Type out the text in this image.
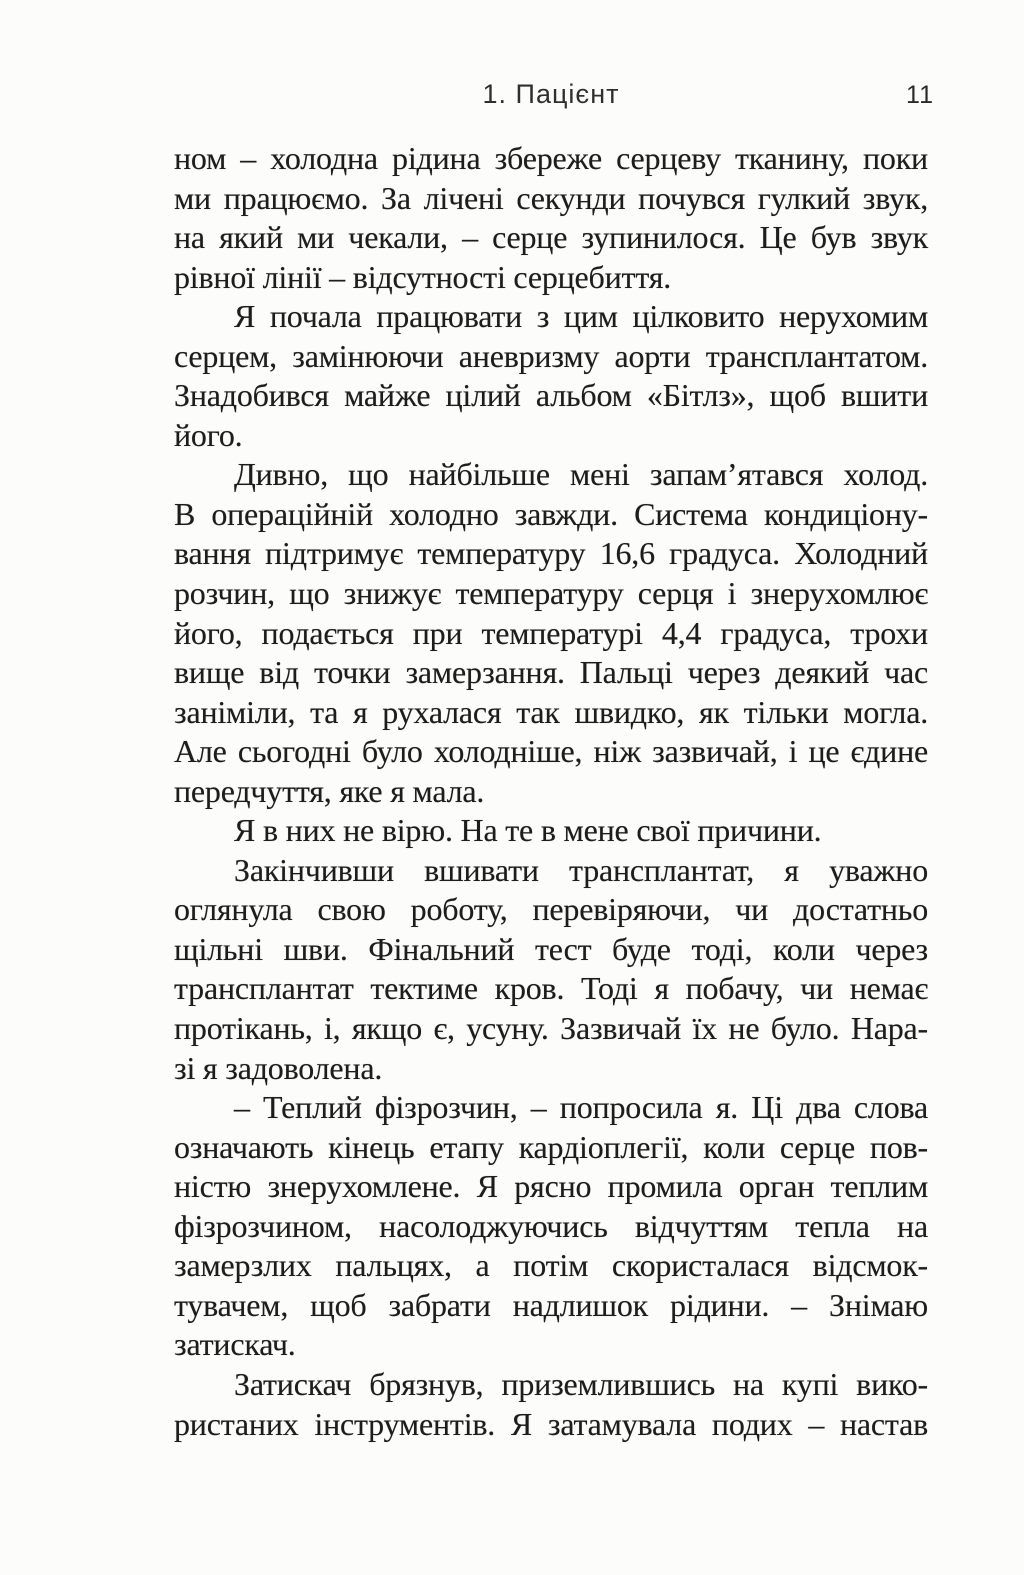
1. Пацієнт	11
ном – холодна рідина збереже серцеву тканину, поки
ми працюємо. За лічені секунди почувся гулкий звук,
на який ми чекали, – серце зупинилося. Це був звук
рівної лінії – відсутності серцебиття.
Я почала працювати з цим цілковито нерухомим
серцем, замінюючи аневризму аорти трансплантатом.
Знадобився майже цілий альбом «Бітлз», щоб вшити
його.
Дивно, що найбільше мені запам’ятався холод.
В операційній холодно завжди. Система кондиціону-
вання підтримує температуру 16,6 градуса. Холодний
розчин, що знижує температуру серця і знерухомлює
його, подається при температурі 4,4 градуса, трохи
вище від точки замерзання. Пальці через деякий час
заніміли, та я рухалася так швидко, як тільки могла.
Але сьогодні було холодніше, ніж зазвичай, і це єдине
передчуття, яке я мала.
Я в них не вірю. На те в мене свої причини.
Закінчивши вшивати трансплантат, я уважно
оглянула свою роботу, перевіряючи, чи достатньо
щільні шви. Фінальний тест буде тоді, коли через
трансплантат тектиме кров. Тоді я побачу, чи немає
протікань, і, якщо є, усуну. Зазвичай їх не було. Нара-
зі я задоволена.
– Теплий фізрозчин, – попросила я. Ці два слова
означають кінець етапу кардіоплегії, коли серце пов-
ністю знерухомлене. Я рясно промила орган теплим
фізрозчином, насолоджуючись відчуттям тепла на
замерзлих пальцях, а потім скористалася відсмок-
тувачем, щоб забрати надлишок рідини. – Знімаю
затискач.
Затискач брязнув, приземлившись на купі вико-
ристаних інструментів. Я затамувала подих – настав
